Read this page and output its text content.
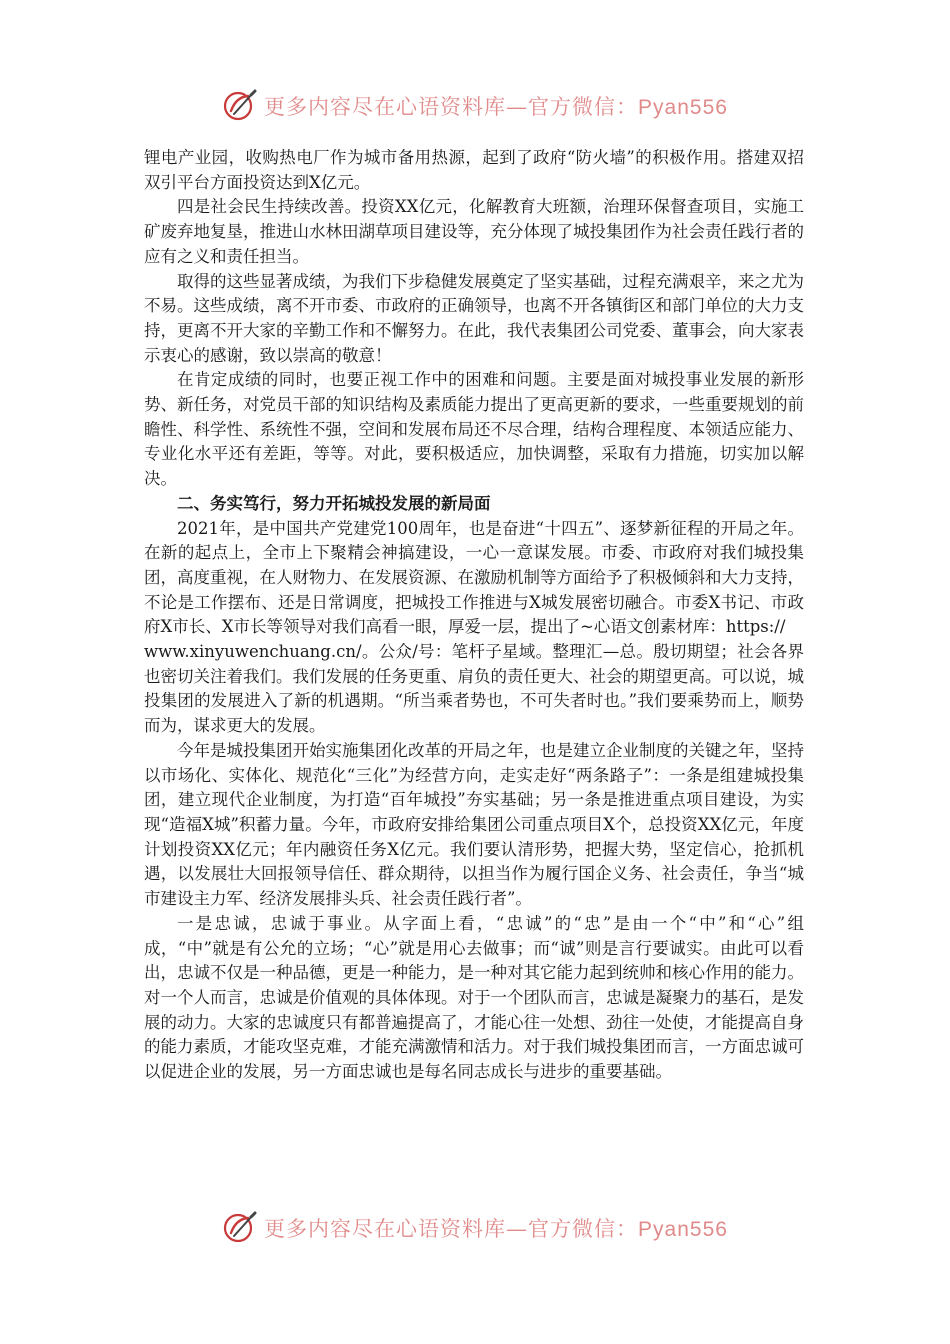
更多内容尽在心语资料库—官方微信：Pyan556

锂电产业园，收购热电厂作为城市备用热源，起到了政府“防火墙”的积极作用。搭建双招双引平台方面投资达到X亿元。

四是社会民生持续改善。投资XX亿元，化解教育大班额，治理环保督查项目，实施工矿废弃地复垦，推进山水林田湖草项目建设等，充分体现了城投集团作为社会责任践行者的应有之义和责任担当。

取得的这些显著成绩，为我们下步稳健发展奠定了坚实基础，过程充满艰辛，来之尤为不易。这些成绩，离不开市委、市政府的正确领导，也离不开各镇街区和部门单位的大力支持，更离不开大家的辛勤工作和不懈努力。在此，我代表集团公司党委、董事会，向大家表示衷心的感谢，致以崇高的敬意！

在肯定成绩的同时，也要正视工作中的困难和问题。主要是面对城投事业发展的新形势、新任务，对党员干部的知识结构及素质能力提出了更高更新的要求，一些重要规划的前瞻性、科学性、系统性不强，空间和发展布局还不尽合理，结构合理程度、本领适应能力、专业化水平还有差距，等等。对此，要积极适应，加快调整，采取有力措施，切实加以解决。

二、务实笃行，努力开拓城投发展的新局面

2021年，是中国共产党建党100周年，也是奋进“十四五”、逐梦新征程的开局之年。在新的起点上，全市上下聚精会神搞建设，一心一意谋发展。市委、市政府对我们城投集团，高度重视，在人财物力、在发展资源、在激励机制等方面给予了积极倾斜和大力支持，不论是工作摆布、还是日常调度，把城投工作推进与X城发展密切融合。市委X书记、市政府X市长、X市长等领导对我们高看一眼，厚爱一层，提出了~心语文创素材库：https://

www.xinyuwenchuang.cn/。公众/号：笔杆子星域。整理汇—总。殷切期望；社会各界也密切关注着我们。我们发展的任务更重、肩负的责任更大、社会的期望更高。可以说，城投集团的发展进入了新的机遇期。“所当乘者势也，不可失者时也。”我们要乘势而上，顺势而为，谋求更大的发展。

今年是城投集团开始实施集团化改革的开局之年，也是建立企业制度的关键之年，坚持以市场化、实体化、规范化“三化”为经营方向，走实走好“两条路子”：一条是组建城投集团，建立现代企业制度，为打造“百年城投”夯实基础；另一条是推进重点项目建设，为实现“造福X城”积蓄力量。今年，市政府安排给集团公司重点项目X个，总投资XX亿元，年度计划投资XX亿元；年内融资任务X亿元。我们要认清形势，把握大势，坚定信心，抢抓机遇，以发展壮大回报领导信任、群众期待，以担当作为履行国企义务、社会责任，争当“城市建设主力军、经济发展排头兵、社会责任践行者”。

一是忠诚，忠诚于事业。从字面上看，“忠诚”的“忠”是由一个“中”和“心”组成，“中”就是有公允的立场；“心”就是用心去做事；而“诚”则是言行要诚实。由此可以看出，忠诚不仅是一种品德，更是一种能力，是一种对其它能力起到统帅和核心作用的能力。对一个人而言，忠诚是价值观的具体体现。对于一个团队而言，忠诚是凝聚力的基石，是发展的动力。大家的忠诚度只有都普遍提高了，才能心往一处想、劲往一处使，才能提高自身的能力素质，才能攻坚克难，才能充满激情和活力。对于我们城投集团而言，一方面忠诚可以促进企业的发展，另一方面忠诚也是每名同志成长与进步的重要基础。

更多内容尽在心语资料库—官方微信：Pyan556
